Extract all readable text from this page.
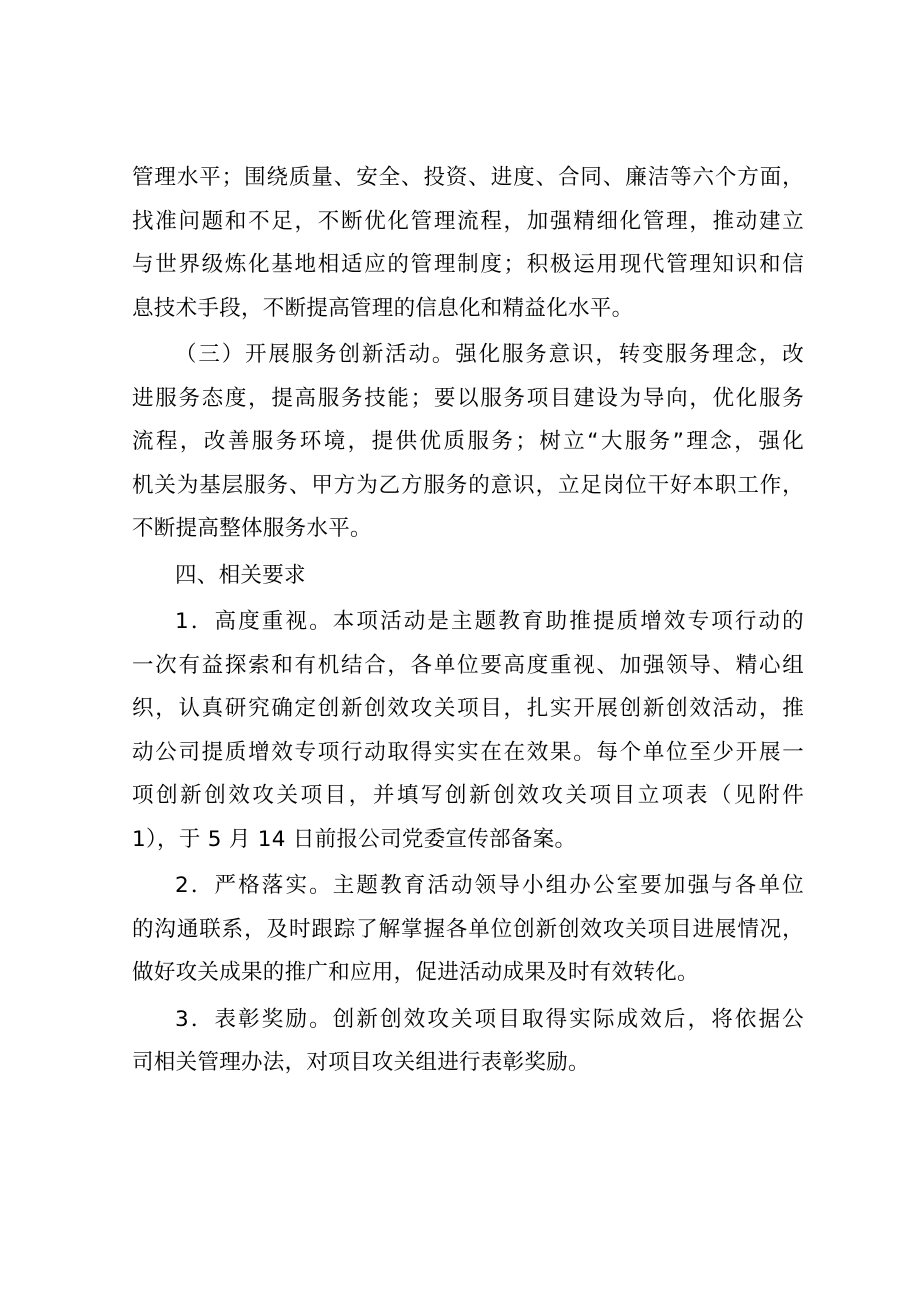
管理水平；围绕质量、安全、投资、进度、合同、廉洁等六个方面，
找准问题和不足，不断优化管理流程，加强精细化管理，推动建立
与世界级炼化基地相适应的管理制度；积极运用现代管理知识和信
息技术手段，不断提高管理的信息化和精益化水平。
（三）开展服务创新活动。强化服务意识，转变服务理念，改
进服务态度，提高服务技能；要以服务项目建设为导向，优化服务
流程，改善服务环境，提供优质服务；树立“大服务”理念，强化
机关为基层服务、甲方为乙方服务的意识，立足岗位干好本职工作，
不断提高整体服务水平。
四、相关要求
1．高度重视。本项活动是主题教育助推提质增效专项行动的
一次有益探索和有机结合，各单位要高度重视、加强领导、精心组
织，认真研究确定创新创效攻关项目，扎实开展创新创效活动，推
动公司提质增效专项行动取得实实在在效果。每个单位至少开展一
项创新创效攻关项目，并填写创新创效攻关项目立项表（见附件
1），于 5 月 14 日前报公司党委宣传部备案。
2．严格落实。主题教育活动领导小组办公室要加强与各单位
的沟通联系，及时跟踪了解掌握各单位创新创效攻关项目进展情况，
做好攻关成果的推广和应用，促进活动成果及时有效转化。
3．表彰奖励。创新创效攻关项目取得实际成效后，将依据公
司相关管理办法，对项目攻关组进行表彰奖励。
